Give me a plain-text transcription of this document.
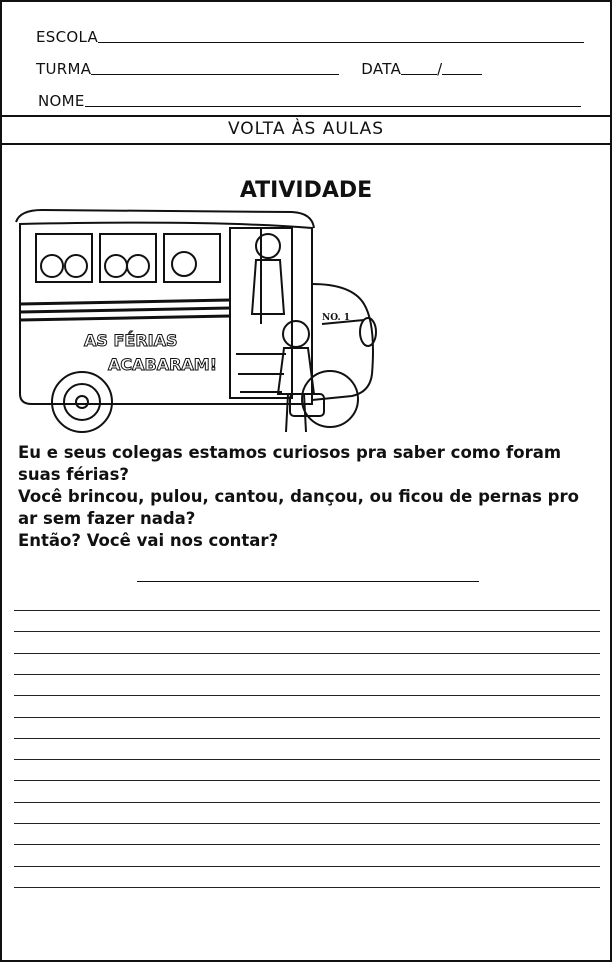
ESCOLA
TURMA	DATA /
NOME
VOLTA ÀS AULAS
ATIVIDADE
AS FÉRIAS
ACABARAM!
NO. 1
Eu e seus colegas estamos curiosos pra saber como foram
suas férias?
Você brincou, pulou, cantou, dançou, ou ficou de pernas pro
ar sem fazer nada?
Então? Você vai nos contar?
